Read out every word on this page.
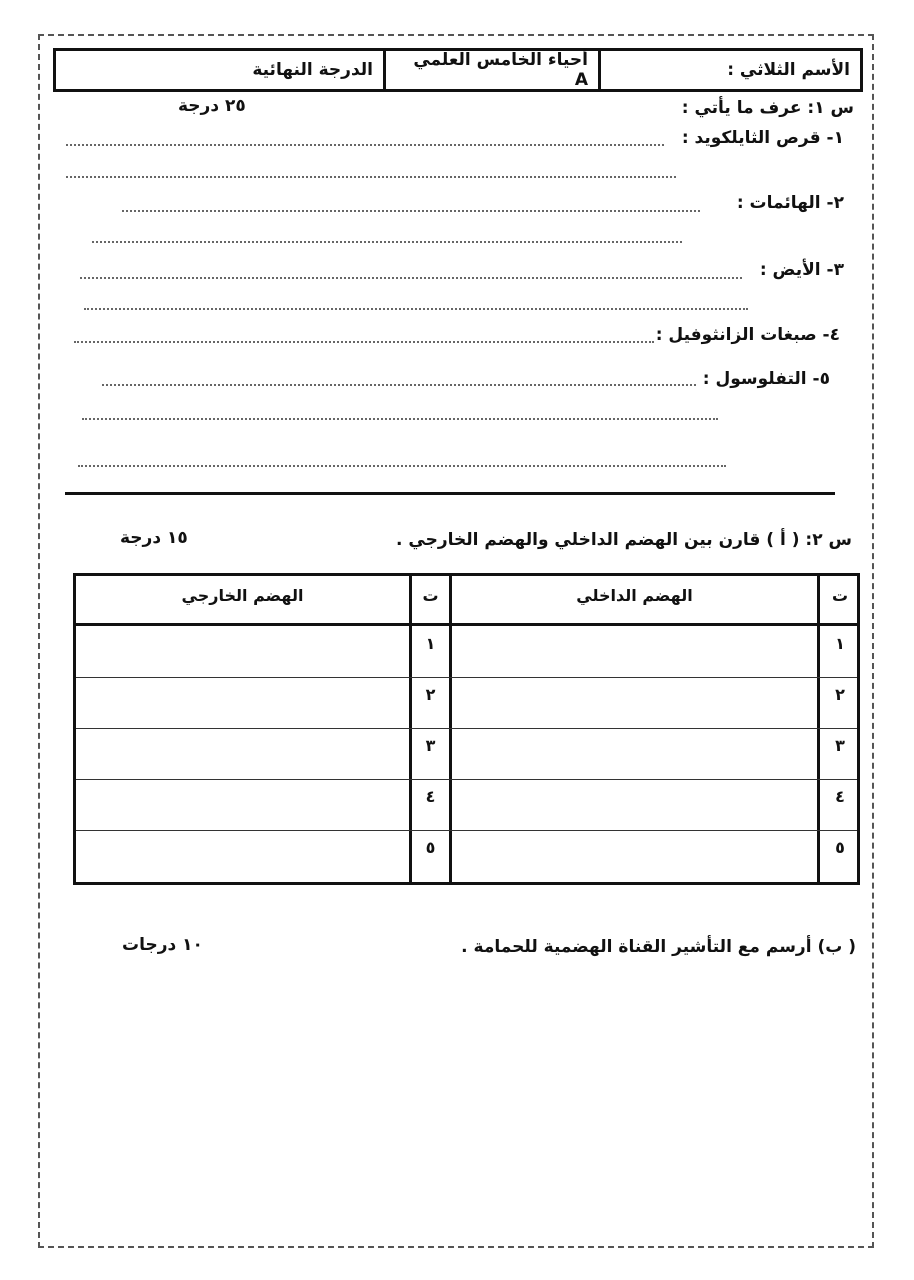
الأسم الثلاثي :
أحياء الخامس العلمي A
الدرجة النهائية
س ١: عرف ما يأتي :
٢٥ درجة
١- قرص الثايلكويد :
٢- الهائمات :
٣- الأيض :
٤- صبغات الزانثوفيل :
٥- التفلوسول :
س ٢: ( أ ) قارن بين الهضم الداخلي والهضم الخارجي .
١٥ درجة
ت
الهضم الداخلي
ت
الهضم الخارجي
١
٢
٣
٤
٥
١
٢
٣
٤
٥
( ب) أرسم مع التأشير القناة الهضمية للحمامة .
١٠ درجات
